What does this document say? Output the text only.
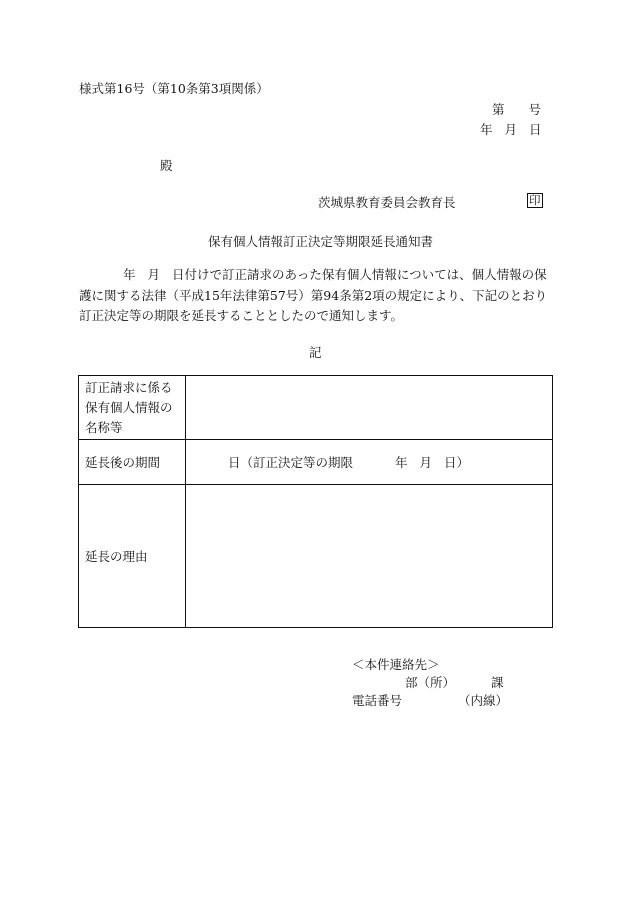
様式第16号（第10条第3項関係）
第 号
年 月 日
殿
茨城県教育委員会教育長	印
保有個人情報訂正決定等期限延長通知書
年 月 日付けで訂正請求のあった保有個人情報については、個人情報の保護に関する法律（平成15年法律第57号）第94条第2項の規定により、下記のとおり訂正決定等の期限を延長することとしたので通知します。
記
訂正請求に係る保有個人情報の名称等	
延長後の期間	日（訂正決定等の期限 年 月 日）
延長の理由	
＜本件連絡先＞
部（所）	課
電話番号	（内線）
